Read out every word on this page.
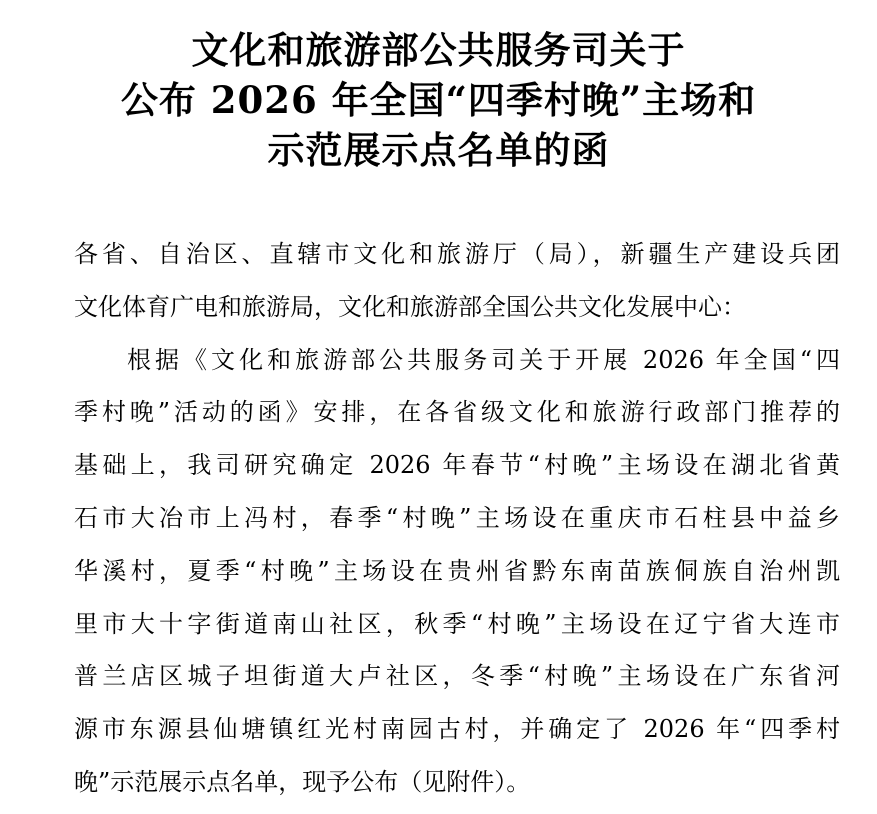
文化和旅游部公共服务司关于
公布 2026 年全国“四季村晚”主场和
示范展示点名单的函

各省、自治区、直辖市文化和旅游厅（局），新疆生产建设兵团

文化体育广电和旅游局，文化和旅游部全国公共文化发展中心：

根据《文化和旅游部公共服务司关于开展 2026 年全国“四

季村晚”活动的函》安排，在各省级文化和旅游行政部门推荐的

基础上，我司研究确定 2026 年春节“村晚”主场设在湖北省黄

石市大冶市上冯村，春季“村晚”主场设在重庆市石柱县中益乡

华溪村，夏季“村晚”主场设在贵州省黔东南苗族侗族自治州凯

里市大十字街道南山社区，秋季“村晚”主场设在辽宁省大连市

普兰店区城子坦街道大卢社区，冬季“村晚”主场设在广东省河

源市东源县仙塘镇红光村南园古村，并确定了 2026 年“四季村

晚”示范展示点名单，现予公布（见附件）。
